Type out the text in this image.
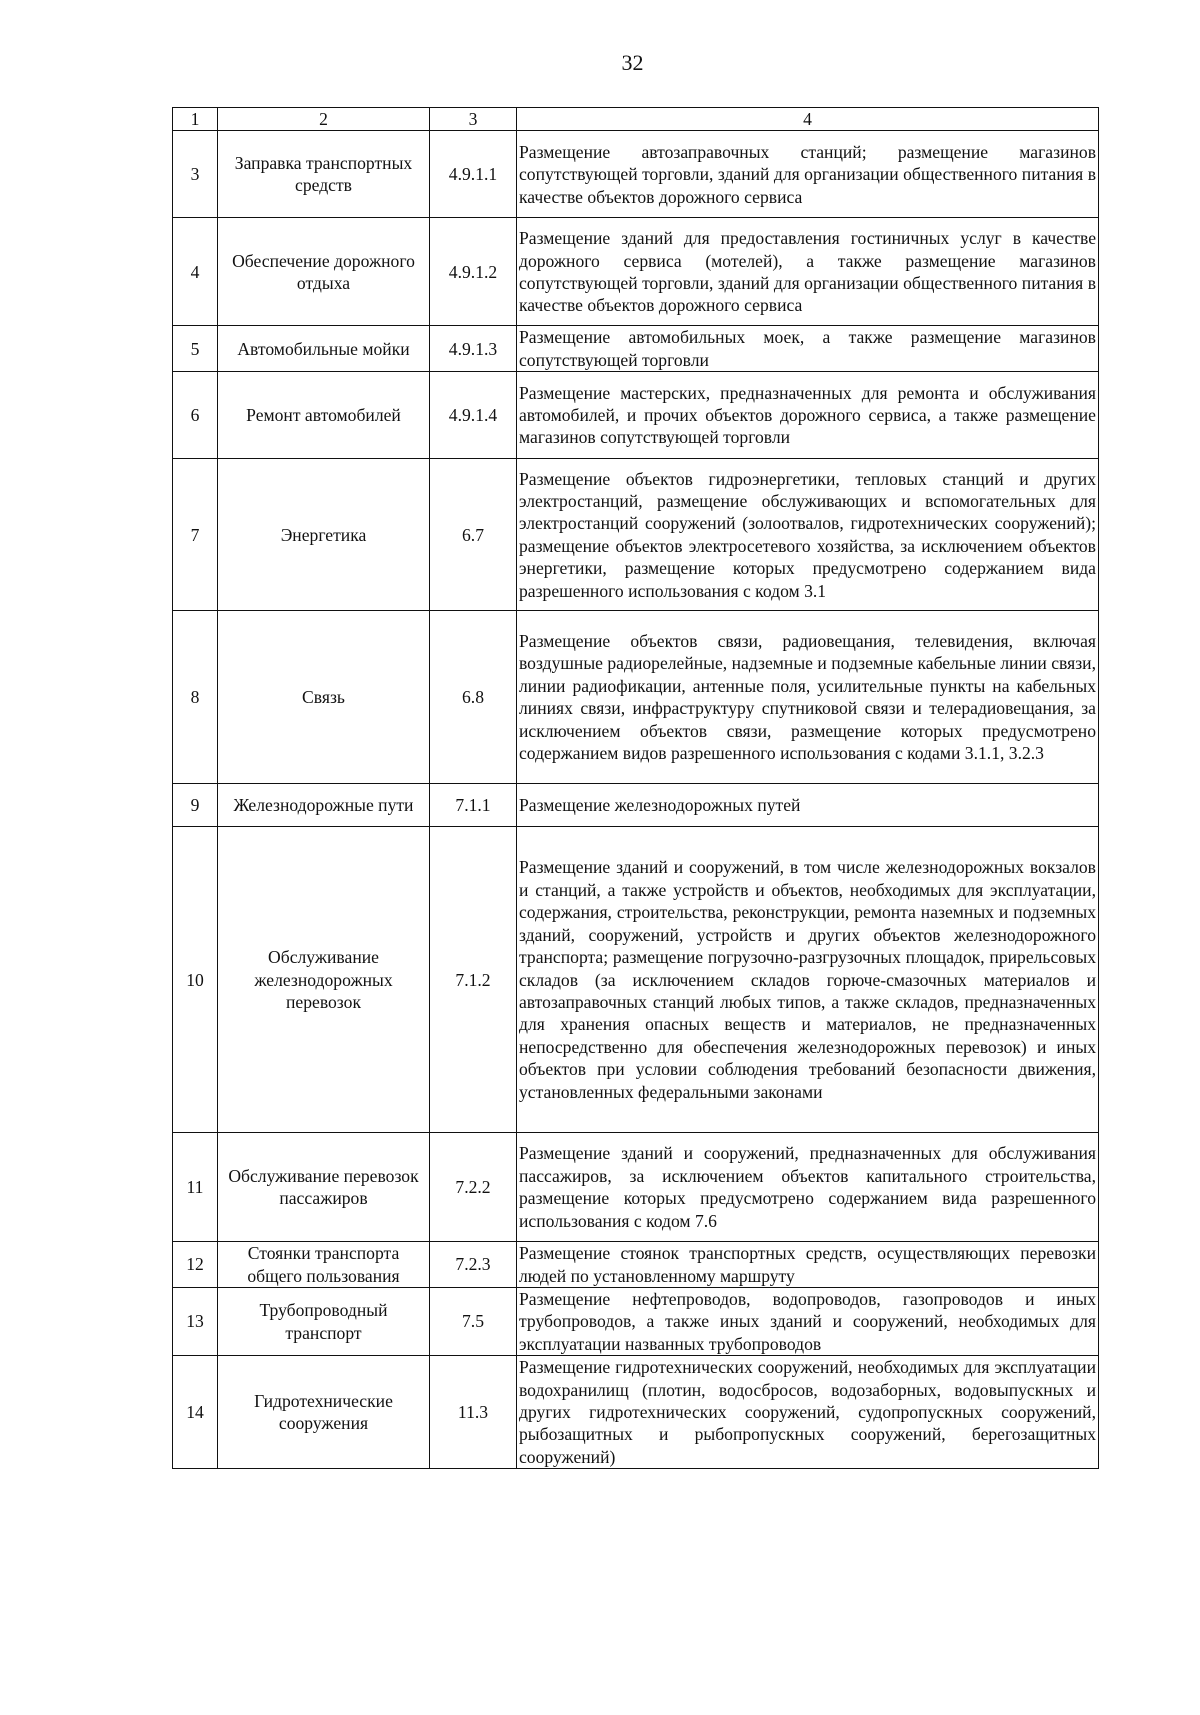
32
1	2	3	4
3	Заправка транспортных средств	4.9.1.1	Размещение автозаправочных станций; размещение магазинов сопутствующей торговли, зданий для организации общественного питания в качестве объектов дорожного сервиса
4	Обеспечение дорожного отдыха	4.9.1.2	Размещение зданий для предоставления гостиничных услуг в качестве дорожного сервиса (мотелей), а также размещение магазинов сопутствующей торговли, зданий для организации общественного питания в качестве объектов дорожного сервиса
5	Автомобильные мойки	4.9.1.3	Размещение автомобильных моек, а также размещение магазинов сопутствующей торговли
6	Ремонт автомобилей	4.9.1.4	Размещение мастерских, предназначенных для ремонта и обслуживания автомобилей, и прочих объектов дорожного сервиса, а также размещение магазинов сопутствующей торговли
7	Энергетика	6.7	Размещение объектов гидроэнергетики, тепловых станций и других электростанций, размещение обслуживающих и вспомогательных для электростанций сооружений (золоотвалов, гидротехнических сооружений); размещение объектов электросетевого хозяйства, за исключением объектов энергетики, размещение которых предусмотрено содержанием вида разрешенного использования с кодом 3.1
8	Связь	6.8	Размещение объектов связи, радиовещания, телевидения, включая воздушные радиорелейные, надземные и подземные кабельные линии связи, линии радиофикации, антенные поля, усилительные пункты на кабельных линиях связи, инфраструктуру спутниковой связи и телерадиовещания, за исключением объектов связи, размещение которых предусмотрено содержанием видов разрешенного использования с кодами 3.1.1, 3.2.3
9	Железнодорожные пути	7.1.1	Размещение железнодорожных путей
10	Обслуживание железнодорожных перевозок	7.1.2	Размещение зданий и сооружений, в том числе железнодорожных вокзалов и станций, а также устройств и объектов, необходимых для эксплуатации, содержания, строительства, реконструкции, ремонта наземных и подземных зданий, сооружений, устройств и других объектов железнодорожного транспорта; размещение погрузочно-разгрузочных площадок, прирельсовых складов (за исключением складов горюче-смазочных материалов и автозаправочных станций любых типов, а также складов, предназначенных для хранения опасных веществ и материалов, не предназначенных непосредственно для обеспечения железнодорожных перевозок) и иных объектов при условии соблюдения требований безопасности движения, установленных федеральными законами
11	Обслуживание перевозок пассажиров	7.2.2	Размещение зданий и сооружений, предназначенных для обслуживания пассажиров, за исключением объектов капитального строительства, размещение которых предусмотрено содержанием вида разрешенного использования с кодом 7.6
12	Стоянки транспорта общего пользования	7.2.3	Размещение стоянок транспортных средств, осуществляющих перевозки людей по установленному маршруту
13	Трубопроводный транспорт	7.5	Размещение нефтепроводов, водопроводов, газопроводов и иных трубопроводов, а также иных зданий и сооружений, необходимых для эксплуатации названных трубопроводов
14	Гидротехнические сооружения	11.3	Размещение гидротехнических сооружений, необходимых для эксплуатации водохранилищ (плотин, водосбросов, водозаборных, водовыпускных и других гидротехнических сооружений, судопропускных сооружений, рыбозащитных и рыбопропускных сооружений, берегозащитных сооружений)
